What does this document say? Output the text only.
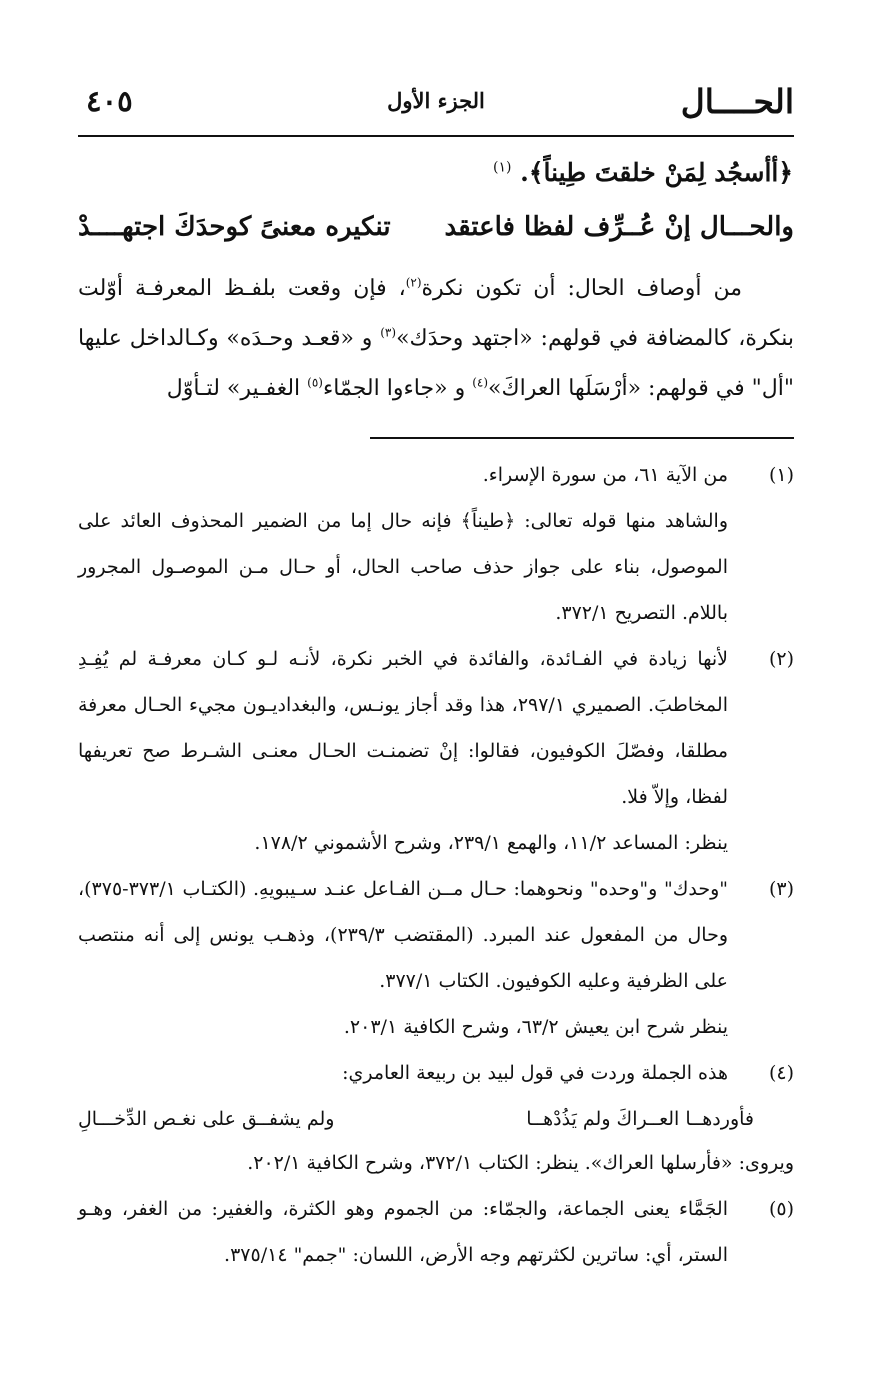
الحــــال
الجزء الأول
٤٠٥
﴿أأسجُد لِمَنْ خلقتَ طِيناً﴾. $^{(١)}$
والحـــال إنْ عُــرِّف لفظا فاعتقد
تنكيره معنىً كوحدَكَ اجتهــــدْ

من أوصاف الحال: أن تكون نكرة$^{(٢)}$، فإن وقعت بلفـظ المعرفـة أوّلت بنكرة، كالمضافة في قولهم: «اجتهد وحدَك»$^{(٣)}$ و «قعـد وحـدَه» وكـالداخل عليها "أل" في قولهم: «أرْسَلَها العراكَ»$^{(٤)}$ و «جاءوا الجمّاء$^{(٥)}$ الغفـير» لتـأوّل

(١)

من الآية ٦١، من سورة الإسراء.

والشاهد منها قوله تعالى: ﴿طيناً﴾ فإنه حال إما من الضمير المحذوف العائد على الموصول، بناء على جواز حذف صاحب الحال، أو حـال مـن الموصـول المجرور باللام. التصريح ٣٧٢/١.

(٢)

لأنها زيادة في الفـائدة، والفائدة في الخبر نكرة، لأنـه لـو كـان معرفـة لم يُفِـدِ المخاطبَ. الصميري ٢٩٧/١، هذا وقد أجاز يونـس، والبغداديـون مجيء الحـال معرفة مطلقا، وفصّلَ الكوفيون، فقالوا: إنْ تضمنـت الحـال معنـى الشـرط صح تعريفها لفظا، وإلاّ فلا.

ينظر: المساعد ١١/٢، والهمع ٢٣٩/١، وشرح الأشموني ١٧٨/٢.

(٣)

"وحدك" و"وحده" ونحوهما: حـال مــن الفـاعل عنـد سـيبويهِ. (الكتـاب ٣٧٣/١-٣٧٥)، وحال من المفعول عند المبرد. (المقتضب ٢٣٩/٣)، وذهـب يونس إلى أنه منتصب على الظرفية وعليه الكوفيون. الكتاب ٣٧٧/١.

ينظر شرح ابن يعيش ٦٣/٢، وشرح الكافية ٢٠٣/١.

(٤)

هذه الجملة وردت في قول لبيد بن ربيعة العامري:

فأوردهــا العــراكَ ولم يَذُدْهــا
ولم يشفــق على نغـص الدِّخـــالِ

ويروى: «فأرسلها العراك». ينظر: الكتاب ٣٧٢/١، وشرح الكافية ٢٠٢/١.

(٥)

الجَمَّاء يعنى الجماعة، والجمّاء: من الجموم وهو الكثرة، والغفير: من الغفر، وهـو الستر، أي: ساترين لكثرتهم وجه الأرض، اللسان: "جمم" ٣٧٥/١٤.
